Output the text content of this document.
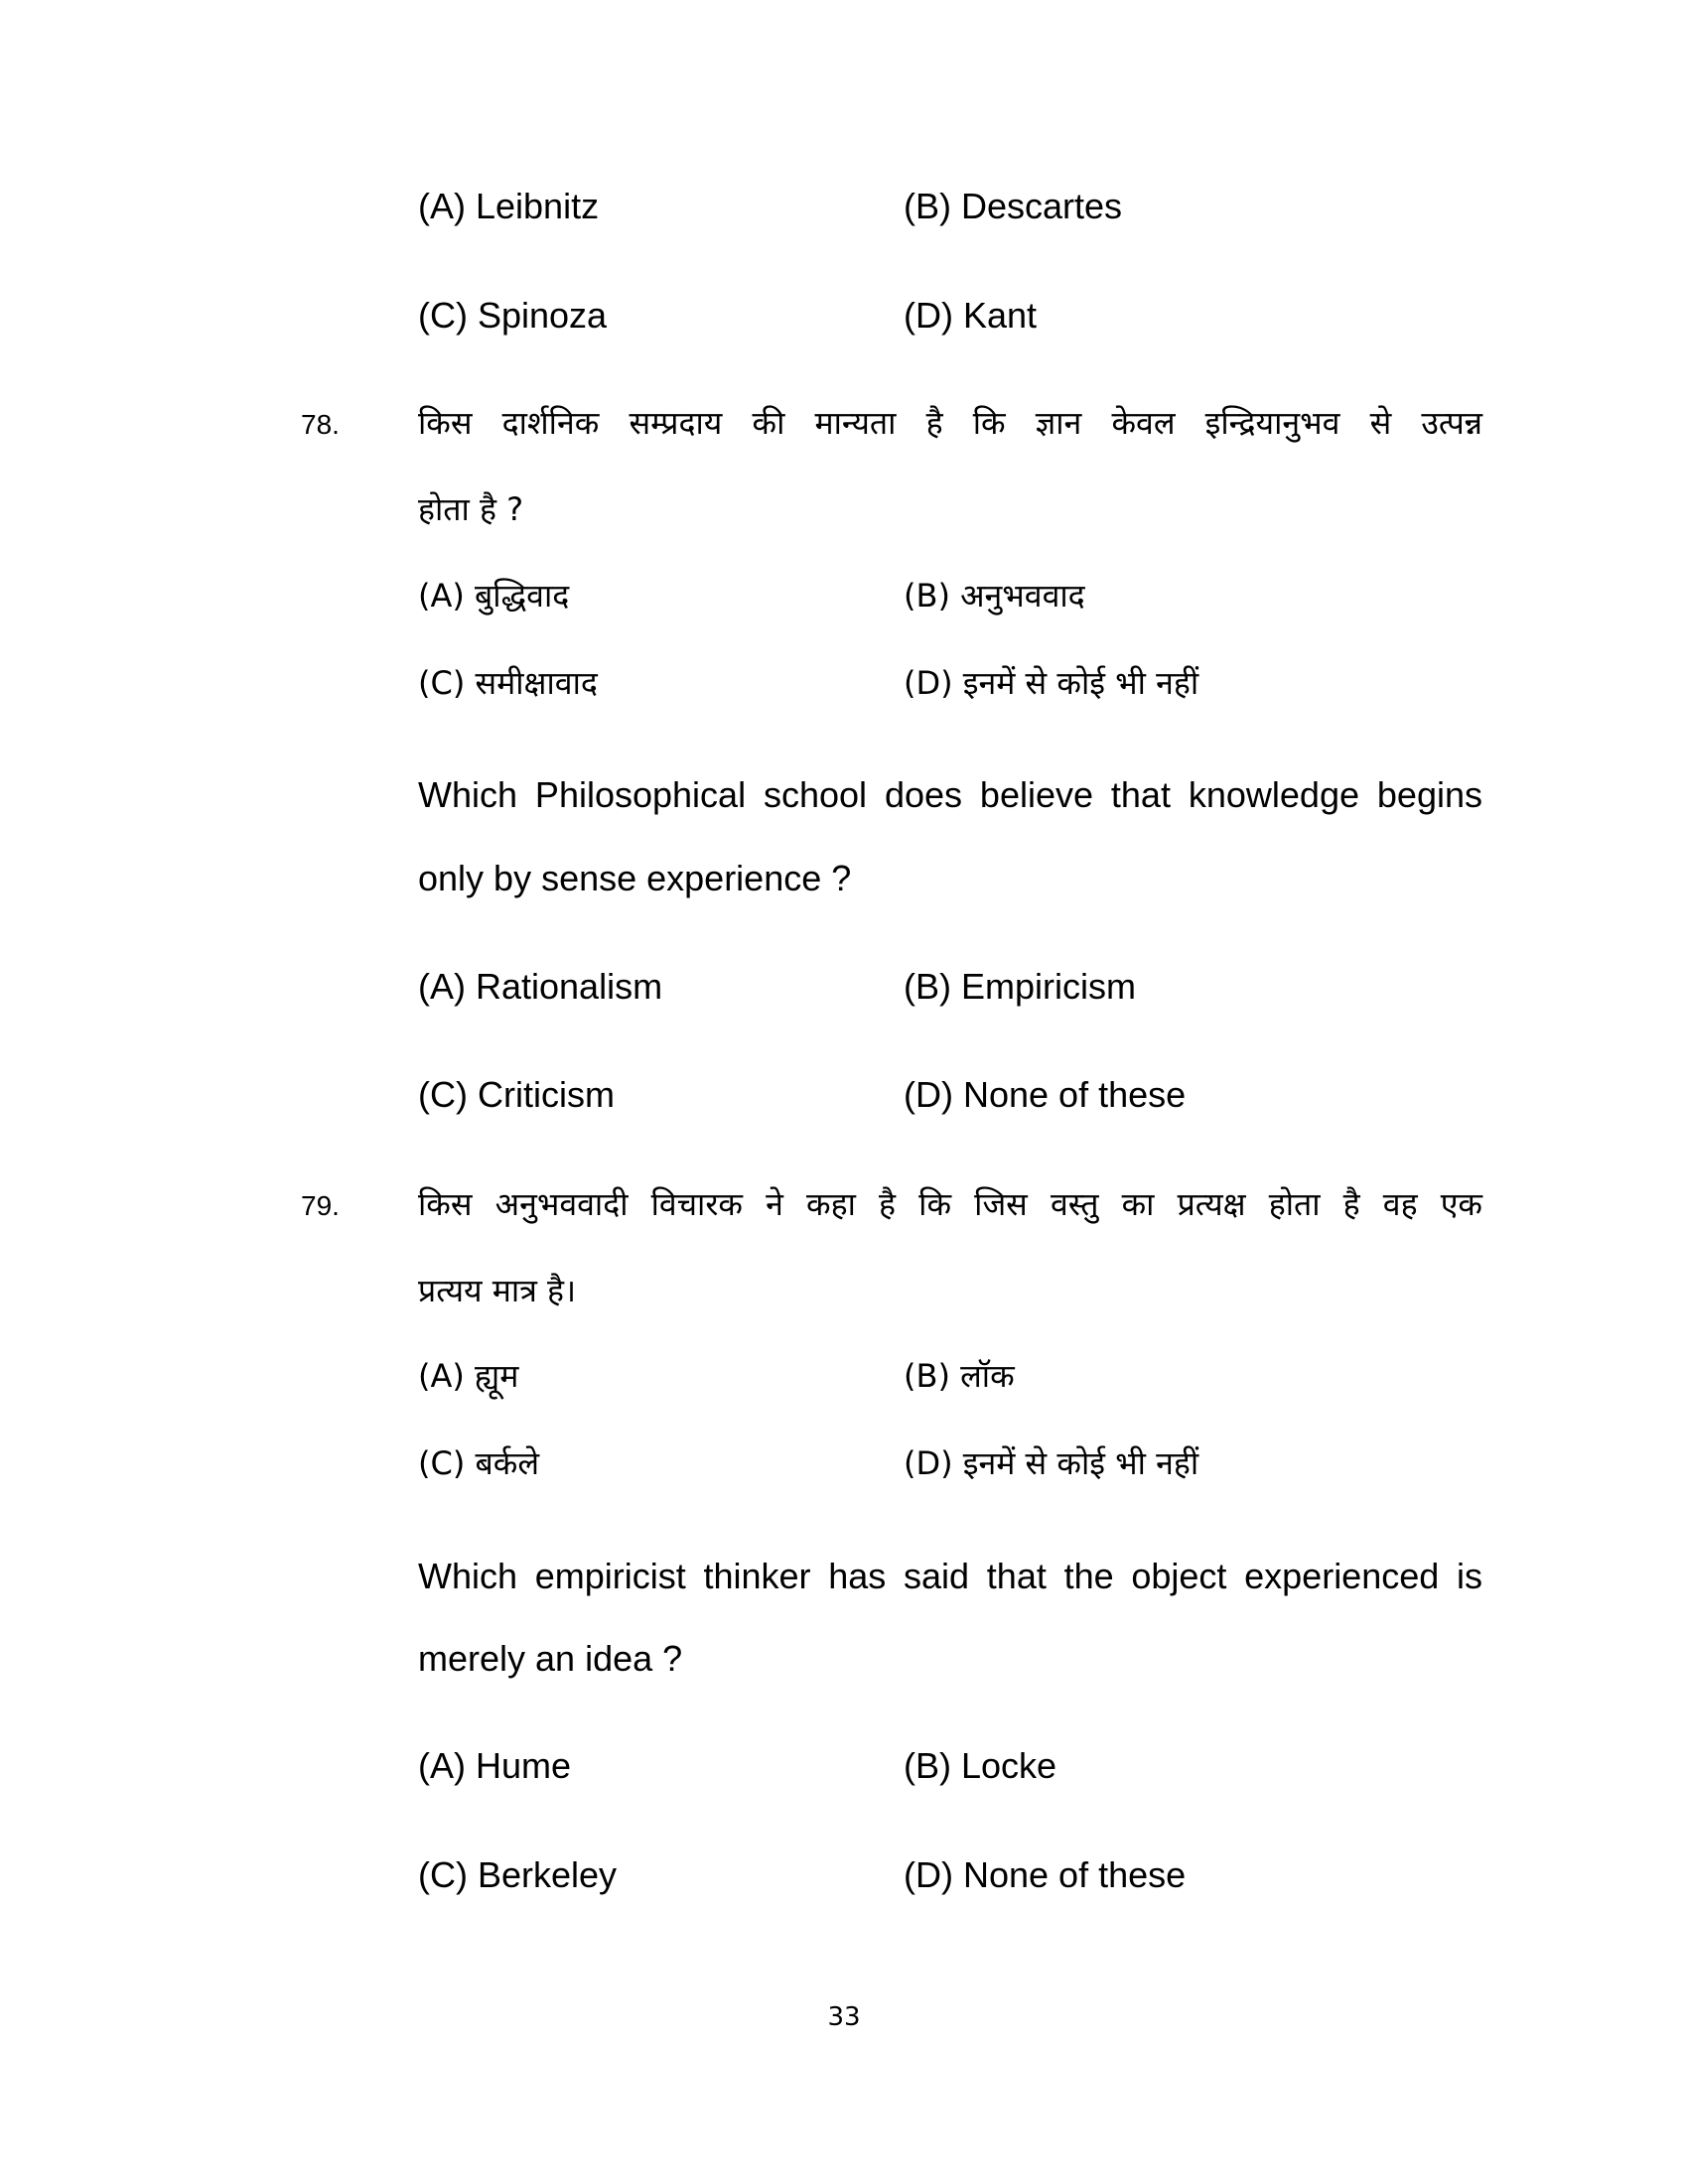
(A) Leibnitz	(B) Descartes
(C) Spinoza	(D) Kant
78. किस दार्शनिक सम्प्रदाय की मान्यता है कि ज्ञान केवल इन्द्रियानुभव से उत्पन्न
होता है ?
(A) बुद्धिवाद	(B) अनुभववाद
(C) समीक्षावाद	(D) इनमें से कोई भी नहीं
Which Philosophical school does believe that knowledge begins
only by sense experience ?
(A) Rationalism	(B) Empiricism
(C) Criticism	(D) None of these
79. किस अनुभववादी विचारक ने कहा है कि जिस वस्तु का प्रत्यक्ष होता है वह एक
प्रत्यय मात्र है।
(A) ह्यूम	(B) लॉक
(C) बर्कले	(D) इनमें से कोई भी नहीं
Which empiricist thinker has said that the object experienced is
merely an idea ?
(A) Hume	(B) Locke
(C) Berkeley	(D) None of these
33
